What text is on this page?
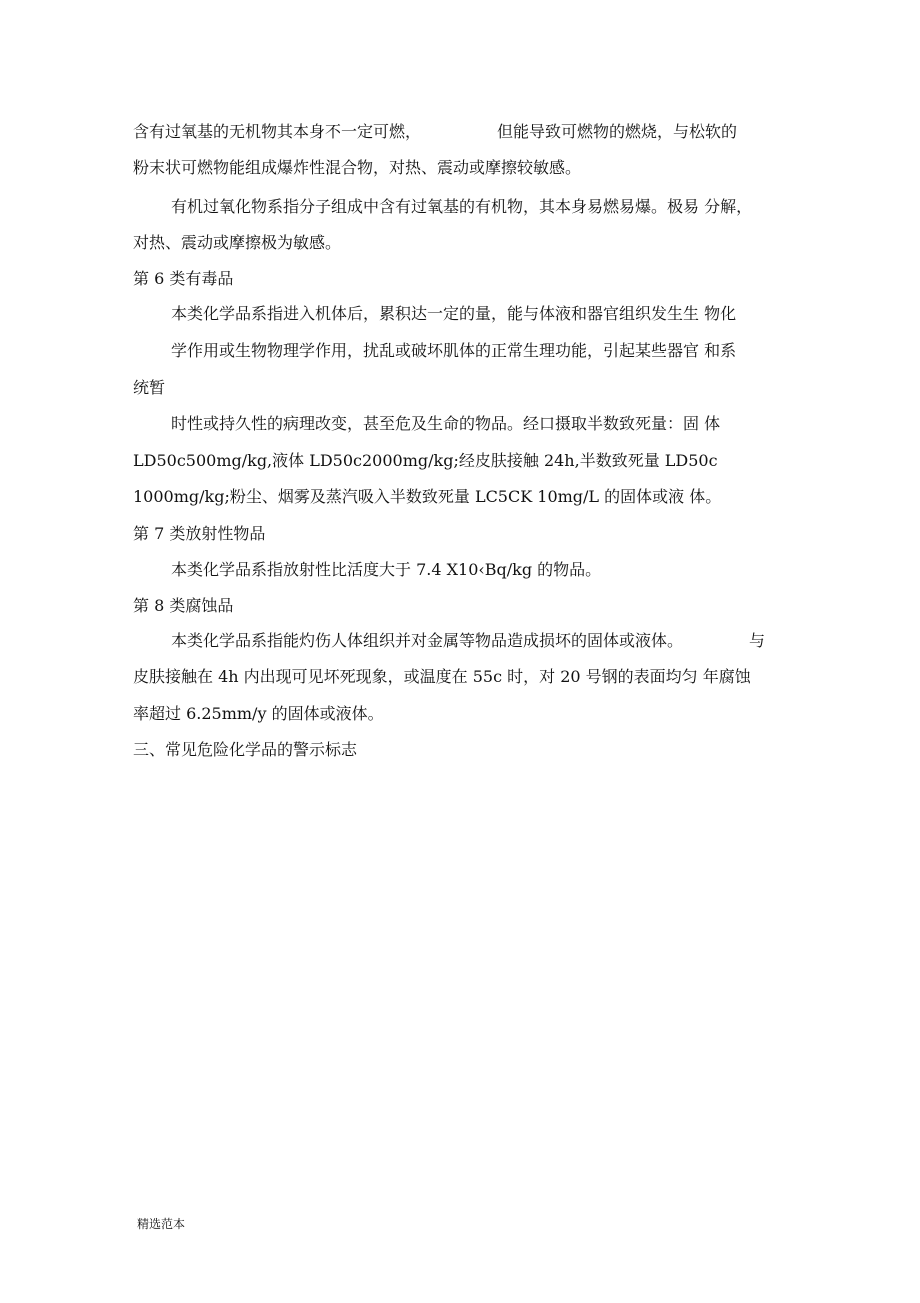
含有过氧基的无机物其本身不一定可燃，	但能导致可燃物的燃烧，与松软的

粉末状可燃物能组成爆炸性混合物，对热、震动或摩擦较敏感。

有机过氧化物系指分子组成中含有过氧基的有机物，其本身易燃易爆。极易 分解，

对热、震动或摩擦极为敏感。

第 6 类有毒品

本类化学品系指进入机体后，累积达一定的量，能与体液和器官组织发生生 物化

学作用或生物物理学作用，扰乱或破坏肌体的正常生理功能，引起某些器官 和系

统暂

时性或持久性的病理改变，甚至危及生命的物品。经口摄取半数致死量：固 体

LD50c500mg/kg,液体 LD50c2000mg/kg;经皮肤接触 24h,半数致死量 LD50c

1000mg/kg;粉尘、烟雾及蒸汽吸入半数致死量 LC5CK 10mg/L 的固体或液 体。

第 7 类放射性物品

本类化学品系指放射性比活度大于 7.4 X10‹Bq/kg 的物品。

第 8 类腐蚀品

本类化学品系指能灼伤人体组织并对金属等物品造成损坏的固体或液体。	与

皮肤接触在 4h 内出现可见坏死现象，或温度在 55c 时，对 20 号钢的表面均匀 年腐蚀

率超过 6.25mm/y 的固体或液体。

三、常见危险化学品的警示标志

精选范本
